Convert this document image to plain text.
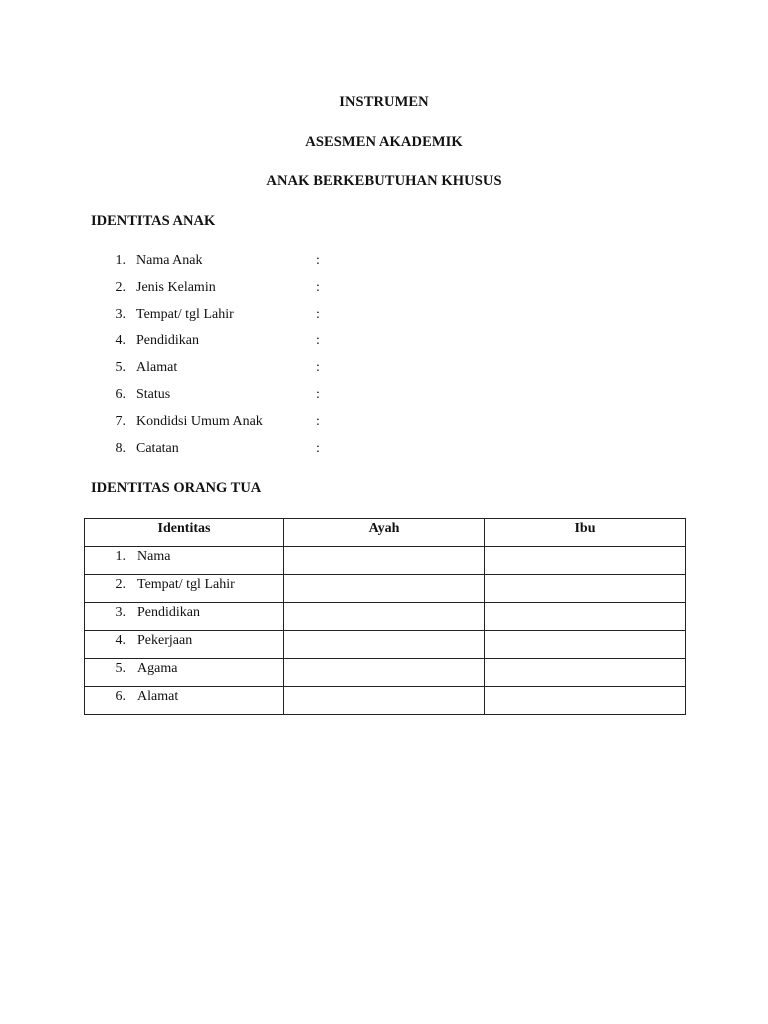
INSTRUMEN
ASESMEN AKADEMIK
ANAK BERKEBUTUHAN KHUSUS
IDENTITAS ANAK
1. Nama Anak	:
2. Jenis Kelamin	:
3. Tempat/ tgl Lahir	:
4. Pendidikan	:
5. Alamat	:
6. Status	:
7. Kondidsi Umum Anak	:
8. Catatan	:
IDENTITAS ORANG TUA
Identitas	Ayah	Ibu

1. Nama		

2. Tempat/ tgl Lahir		

3. Pendidikan		

4. Pekerjaan		

5. Agama		

6. Alamat		
